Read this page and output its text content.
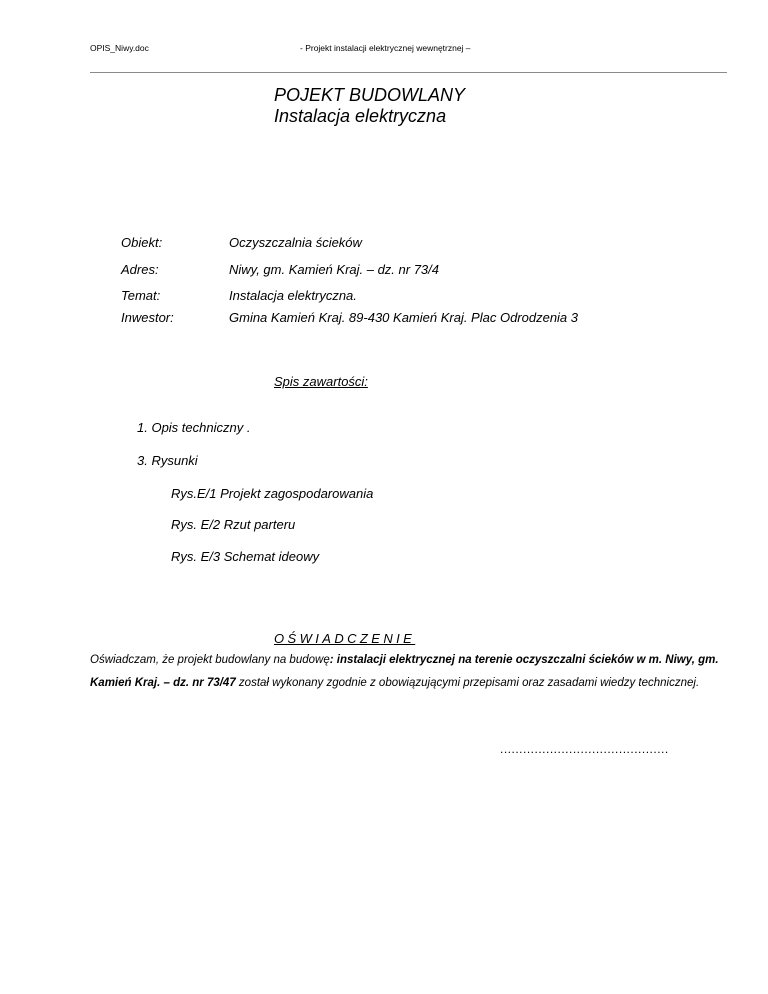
OPIS_Niwy.doc	- Projekt instalacji elektrycznej wewnętrznej –
POJEKT BUDOWLANY
Instalacja elektryczna
Obiekt:	Oczyszczalnia ścieków
Adres:	Niwy, gm. Kamień Kraj. – dz. nr 73/4
Temat:	Instalacja elektryczna.
Inwestor:	Gmina Kamień Kraj. 89-430 Kamień Kraj. Plac Odrodzenia 3
Spis zawartości:
1. Opis techniczny .
3. Rysunki
Rys.E/1 Projekt zagospodarowania
Rys. E/2 Rzut parteru
Rys. E/3 Schemat ideowy
OŚWIADCZENIE
Oświadczam, że projekt budowlany na budowę: instalacji elektrycznej na terenie oczyszczalni ścieków w m. Niwy, gm. Kamień Kraj. – dz. nr 73/47 został wykonany zgodnie z obowiązującymi przepisami oraz zasadami wiedzy technicznej.
............................................
